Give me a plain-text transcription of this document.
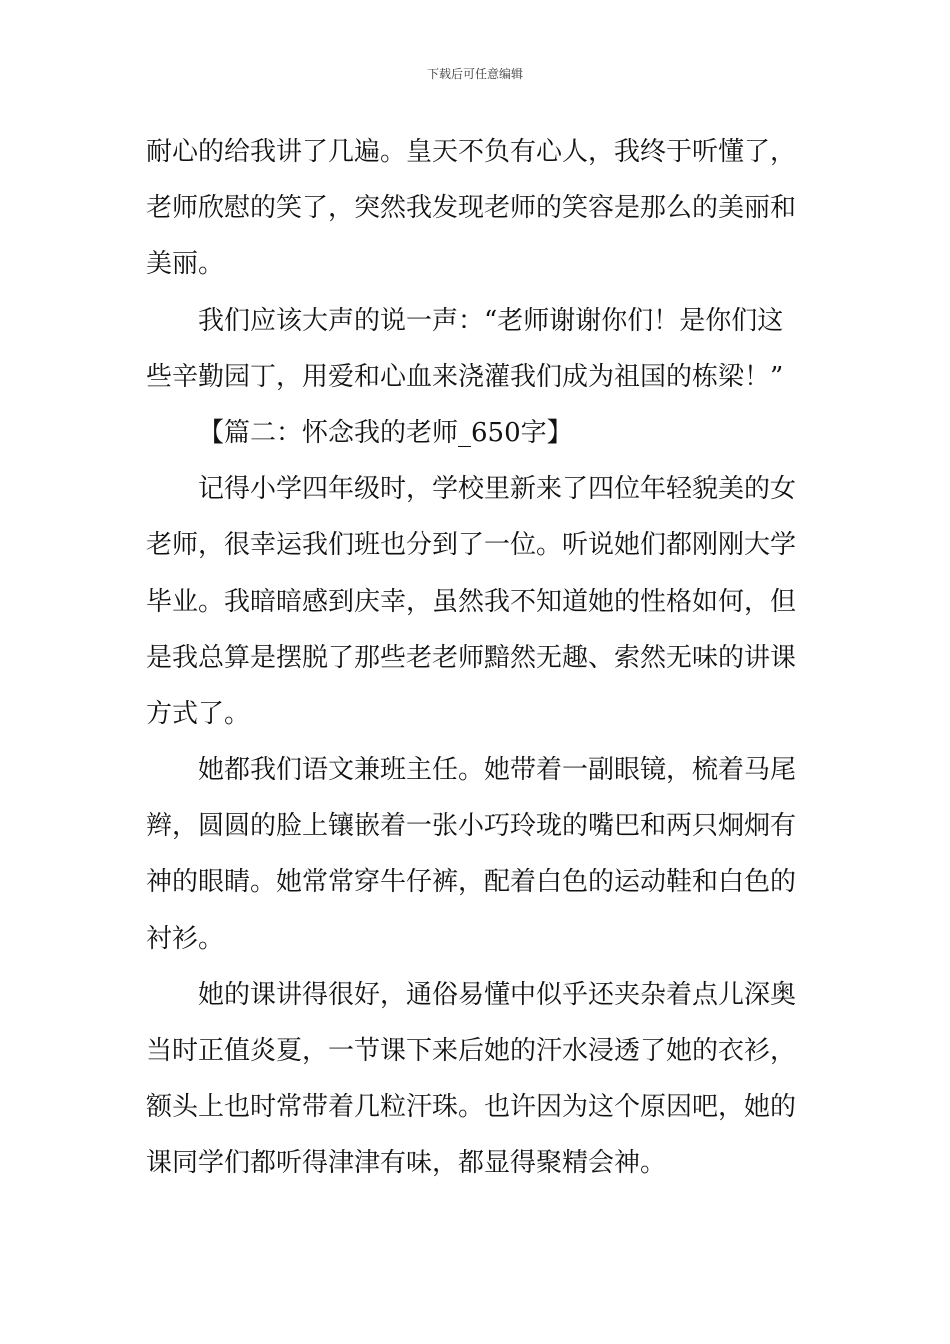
下载后可任意编辑
耐心的给我讲了几遍。皇天不负有心人，我终于听懂了，
老师欣慰的笑了，突然我发现老师的笑容是那么的美丽和
美丽。
我们应该大声的说一声：“老师谢谢你们！是你们这
些辛勤园丁，用爱和心血来浇灌我们成为祖国的栋梁！”
【篇二：怀念我的老师_650字】
记得小学四年级时，学校里新来了四位年轻貌美的女
老师，很幸运我们班也分到了一位。听说她们都刚刚大学
毕业。我暗暗感到庆幸，虽然我不知道她的性格如何，但
是我总算是摆脱了那些老老师黯然无趣、索然无味的讲课
方式了。
她都我们语文兼班主任。她带着一副眼镜，梳着马尾
辫，圆圆的脸上镶嵌着一张小巧玲珑的嘴巴和两只炯炯有
神的眼睛。她常常穿牛仔裤，配着白色的运动鞋和白色的
衬衫。
她的课讲得很好，通俗易懂中似乎还夹杂着点儿深奥
当时正值炎夏，一节课下来后她的汗水浸透了她的衣衫，
额头上也时常带着几粒汗珠。也许因为这个原因吧，她的
课同学们都听得津津有味，都显得聚精会神。
